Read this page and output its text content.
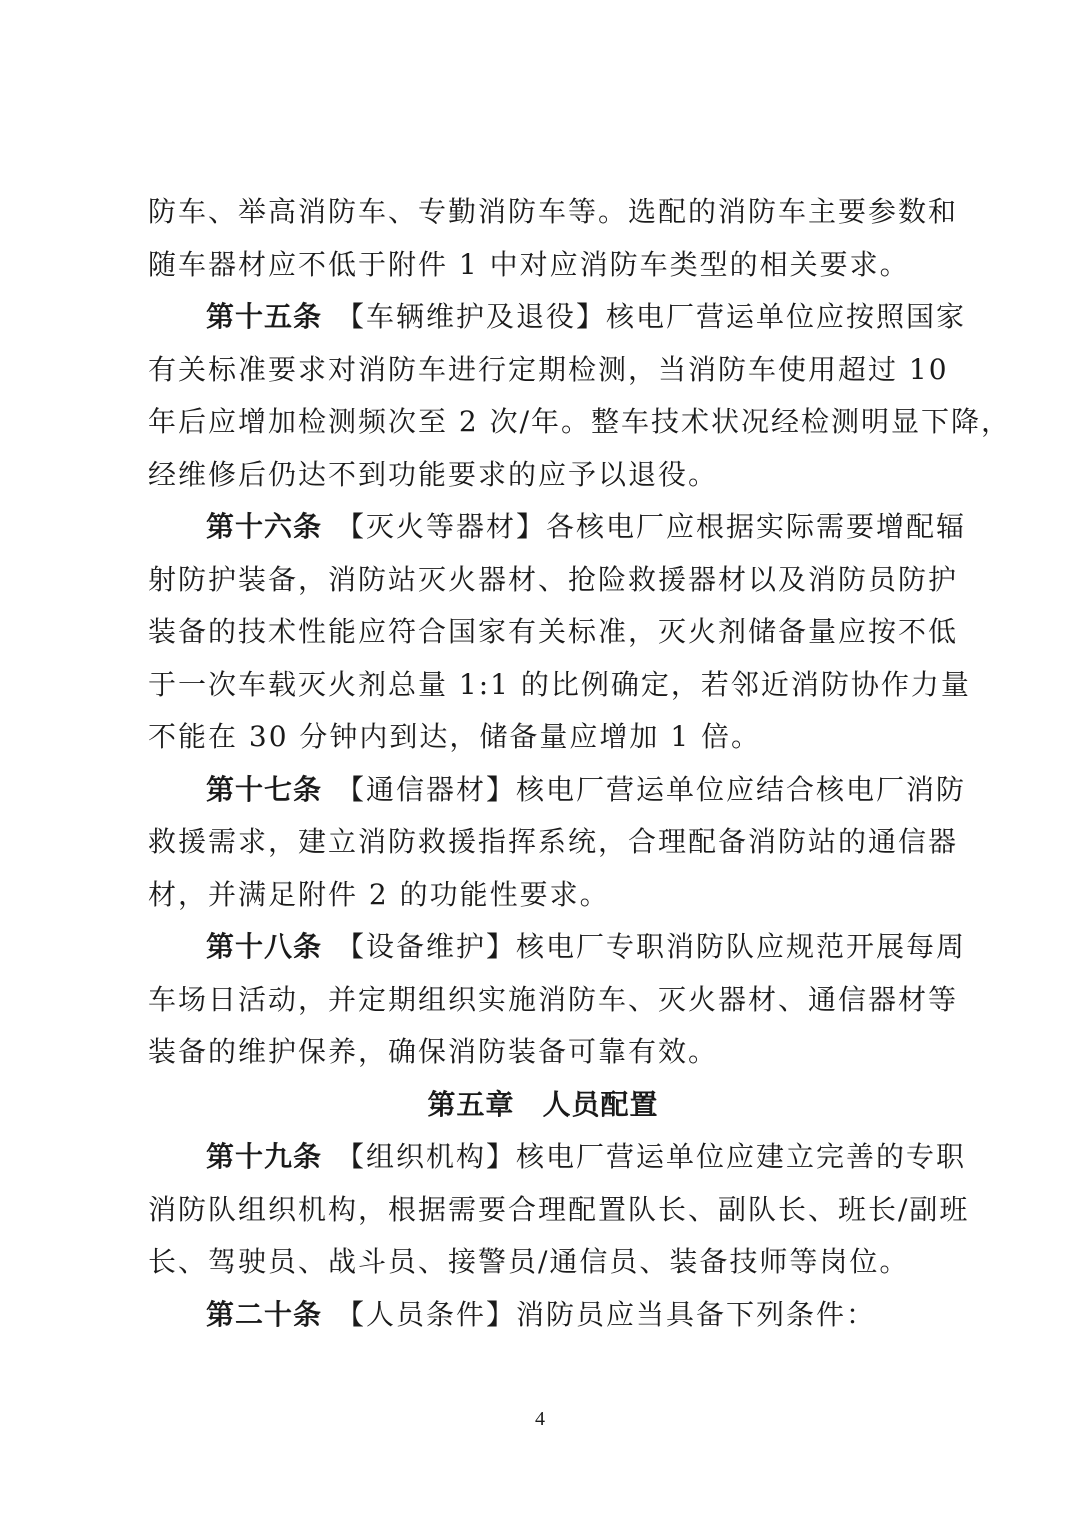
防车、举高消防车、专勤消防车等。选配的消防车主要参数和
随车器材应不低于附件 1 中对应消防车类型的相关要求。

第十五条 【车辆维护及退役】核电厂营运单位应按照国家
有关标准要求对消防车进行定期检测，当消防车使用超过 10
年后应增加检测频次至 2 次/年。整车技术状况经检测明显下降，
经维修后仍达不到功能要求的应予以退役。

第十六条 【灭火等器材】各核电厂应根据实际需要增配辐
射防护装备，消防站灭火器材、抢险救援器材以及消防员防护
装备的技术性能应符合国家有关标准，灭火剂储备量应按不低
于一次车载灭火剂总量 1:1 的比例确定，若邻近消防协作力量
不能在 30 分钟内到达，储备量应增加 1 倍。

第十七条 【通信器材】核电厂营运单位应结合核电厂消防
救援需求，建立消防救援指挥系统，合理配备消防站的通信器
材，并满足附件 2 的功能性要求。

第十八条 【设备维护】核电厂专职消防队应规范开展每周
车场日活动，并定期组织实施消防车、灭火器材、通信器材等
装备的维护保养，确保消防装备可靠有效。

第五章 人员配置

第十九条 【组织机构】核电厂营运单位应建立完善的专职
消防队组织机构，根据需要合理配置队长、副队长、班长/副班
长、驾驶员、战斗员、接警员/通信员、装备技师等岗位。

第二十条 【人员条件】消防员应当具备下列条件：

4
